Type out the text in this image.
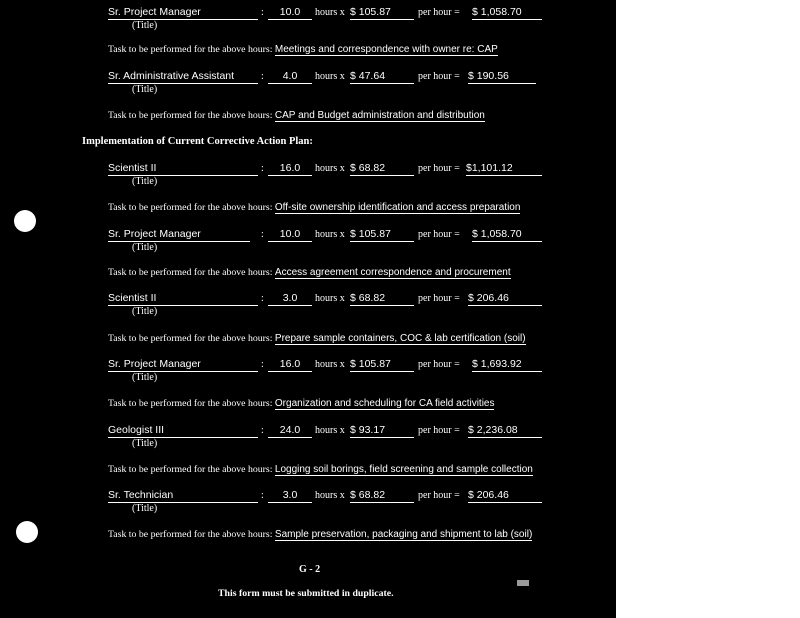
Sr. Project Manager	:	10.0	hours x $ 105.87	per hour = $ 1,058.70
(Title)
Task to be performed for the above hours: Meetings and correspondence with owner re: CAP
Sr. Administrative Assistant	:	4.0	hours x $ 47.64	per hour = $ 190.56
(Title)
Task to be performed for the above hours: CAP and Budget administration and distribution
Implementation of Current Corrective Action Plan:
Scientist II	:	16.0	hours x $ 68.82	per hour = $1,101.12
(Title)
Task to be performed for the above hours: Off-site ownership identification and access preparation
Sr. Project Manager	:	10.0	hours x $ 105.87	per hour = $ 1,058.70
(Title)
Task to be performed for the above hours: Access agreement correspondence and procurement
Scientist II	:	3.0	hours x $ 68.82	per hour = $ 206.46
(Title)
Task to be performed for the above hours: Prepare sample containers, COC & lab certification (soil)
Sr. Project Manager	:	16.0	hours x $ 105.87	per hour = $ 1,693.92
(Title)
Task to be performed for the above hours: Organization and scheduling for CA field activities
Geologist III	:	24.0	hours x $ 93.17	per hour = $ 2,236.08
(Title)
Task to be performed for the above hours: Logging soil borings, field screening and sample collection
Sr. Technician	:	3.0	hours x $ 68.82	per hour = $ 206.46
(Title)
Task to be performed for the above hours: Sample preservation, packaging and shipment to lab (soil)
G - 2
This form must be submitted in duplicate.
